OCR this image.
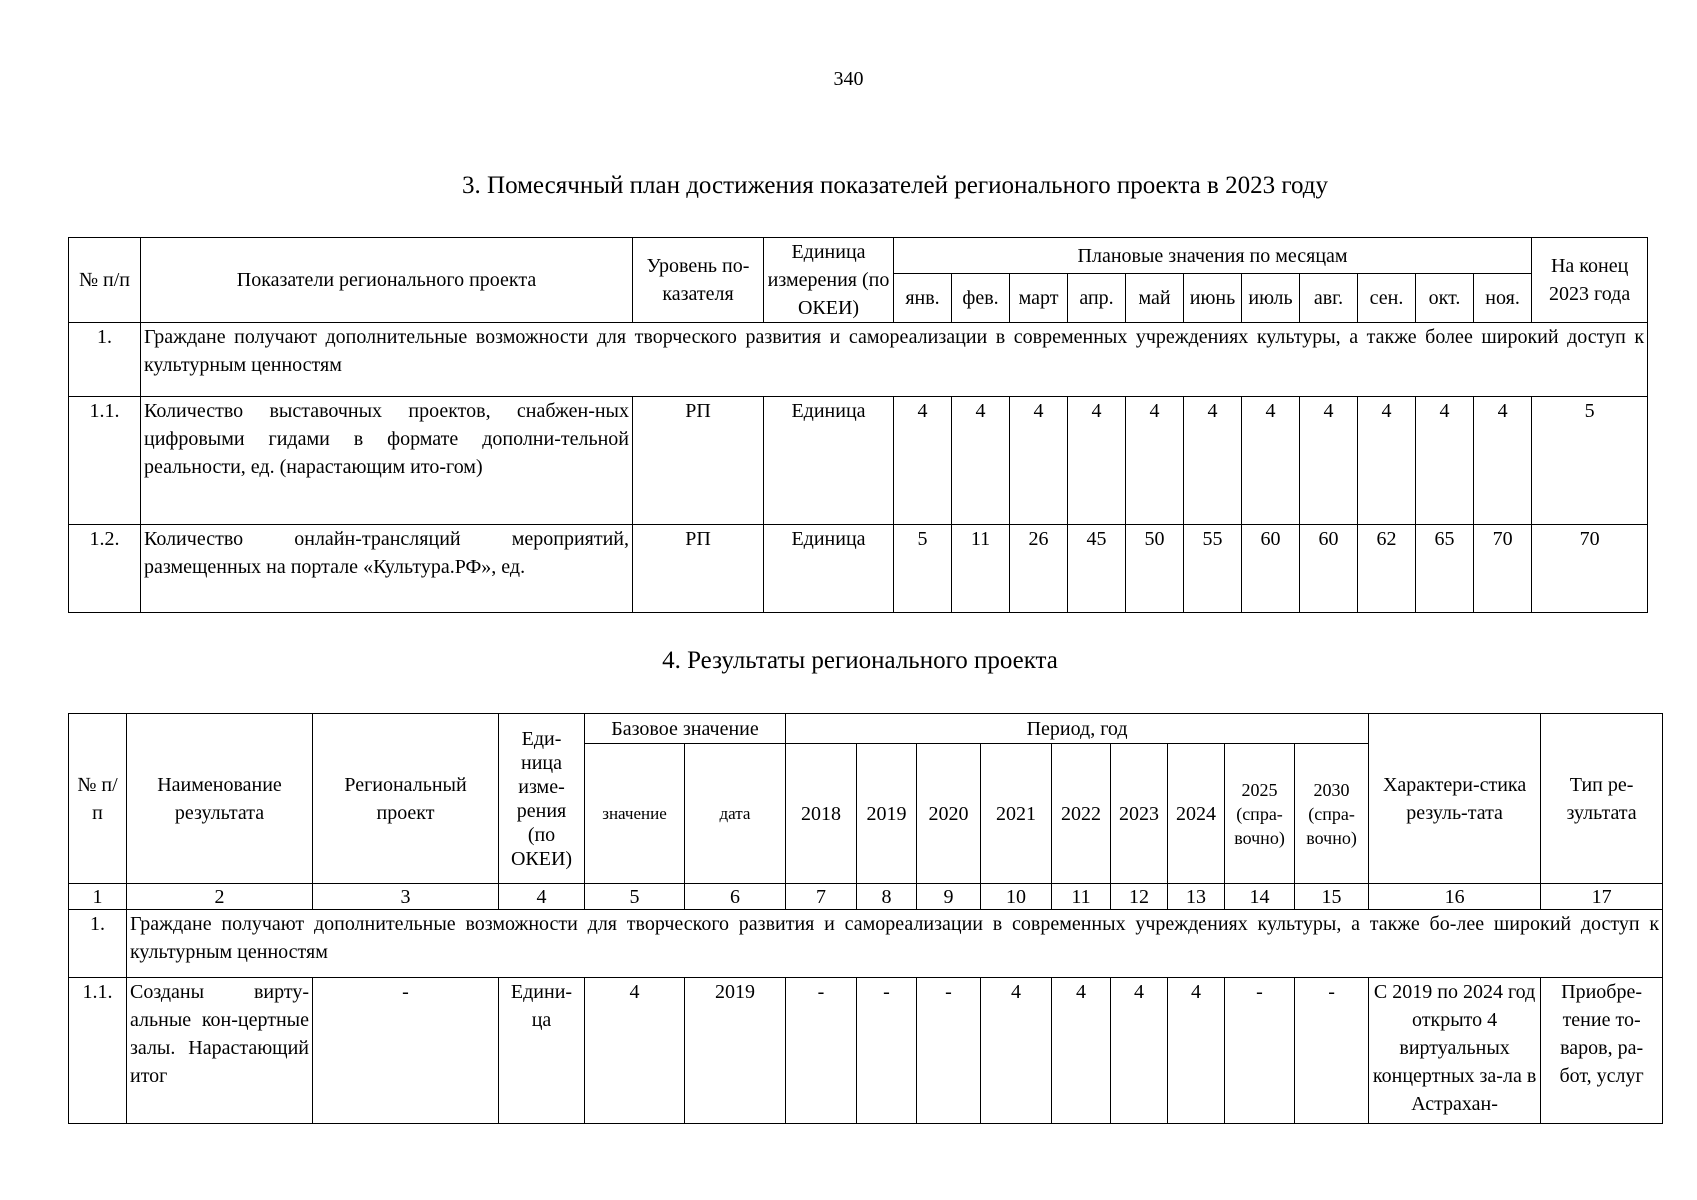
340
3. Помесячный план достижения показателей регионального проекта в 2023 году
№ п/п	Показатели регионального проекта	Уровень по-казателя	Единица измерения (по ОКЕИ)	Плановые значения по месяцам											На конец 2023 года
				янв.	фев.	март	апр.	май	июнь	июль	авг.	сен.	окт.	ноя.	
1.	Граждане получают дополнительные возможности для творческого развития и самореализации в современных учреждениях культуры, а также более широкий доступ к культурным ценностям														
1.1.	Количество выставочных проектов, снабжен-ных цифровыми гидами в формате дополни-тельной реальности, ед. (нарастающим ито-гом)	РП	Единица	4	4	4	4	4	4	4	4	4	4	4	5
1.2.	Количество онлайн-трансляций мероприятий, размещенных на портале «Культура.РФ», ед.	РП	Единица	5	11	26	45	50	55	60	60	62	65	70	70
4. Результаты регионального проекта
№ п/п	Наименование результата	Региональный проект	Еди-ница изме-рения (по ОКЕИ)	Базовое значение		Период, год									Характери-стика резуль-тата	Тип ре-зультата
				значение	дата	2018	2019	2020	2021	2022	2023	2024	2025 (спра-вочно)	2030 (спра-вочно)		
1	2	3	4	5	6	7	8	9	10	11	12	13	14	15	16	17
1.	Граждане получают дополнительные возможности для творческого развития и самореализации в современных учреждениях культуры, а также бо-лее широкий доступ к культурным ценностям															
1.1.	Созданы вирту-альные кон-цертные залы. Нарастающий итог	-	Едини-ца	4	2019	-	-	-	4	4	4	4	-	-	С 2019 по 2024 год открыто 4 виртуальных концертных за-ла в Астрахан-	Приобре-тение то-варов, ра-бот, услуг
